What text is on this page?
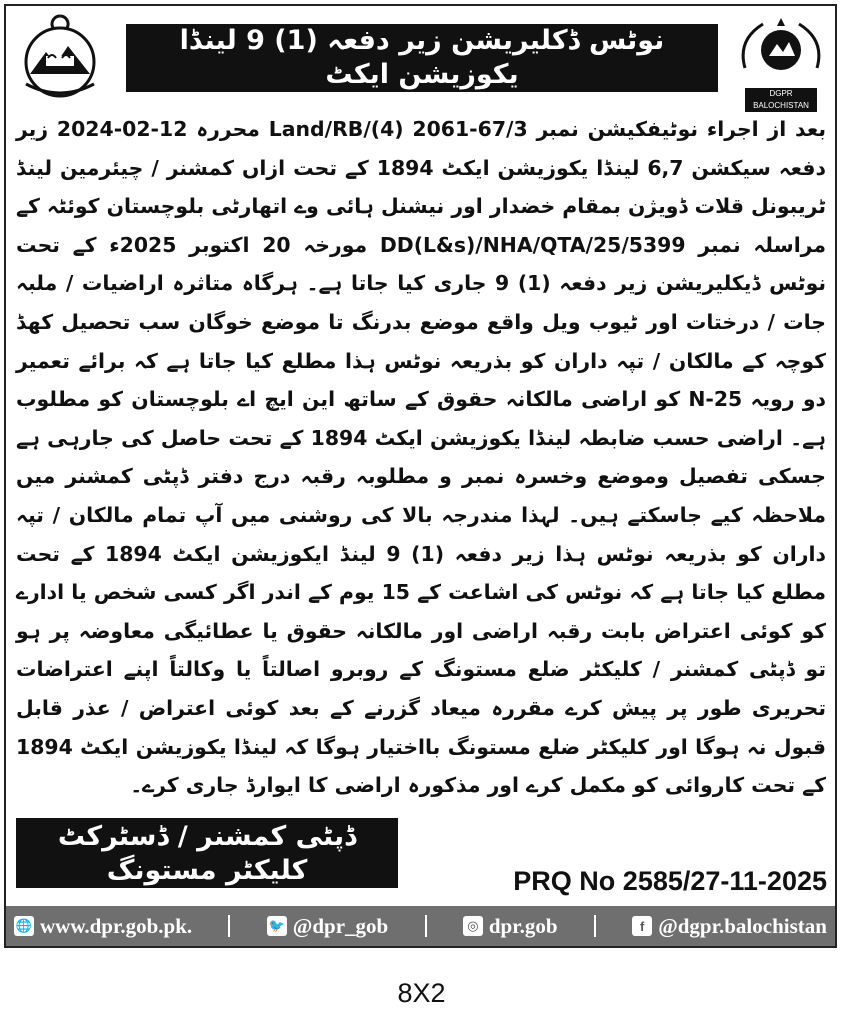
نوٹس ڈکلیریشن زیر دفعہ (1) 9 لینڈا یکوزیشن ایکٹ
1894	DGPR BALOCHISTAN

بعد از اجراء نوٹیفکیشن نمبر Land/RB/(4) 2061-67/3 محررہ 12-02-2024 زیر دفعہ سیکشن 6,7 لینڈا یکوزیشن ایکٹ 1894 کے تحت ازاں کمشنر / چیئرمین لینڈ ٹریبونل قلات ڈویژن بمقام خضدار اور نیشنل ہائی وے اتھارٹی بلوچستان کوئٹہ کے مراسلہ نمبر DD(L&s)/NHA/QTA/25/5399 مورخہ 20 اکتوبر 2025ء کے تحت نوٹس ڈیکلیریشن زیر دفعہ (1) 9 جاری کیا جاتا ہے۔ ہرگاہ متاثرہ اراضیات / ملبہ جات / درختات اور ٹیوب ویل واقع موضع بدرنگ تا موضع خوگان سب تحصیل کھڈ کوچہ کے مالکان / تپہ داران کو بذریعہ نوٹس ہذا مطلع کیا جاتا ہے کہ برائے تعمیر دو رویہ N-25 کو اراضی مالکانہ حقوق کے ساتھ این ایچ اے بلوچستان کو مطلوب ہے۔ اراضی حسب ضابطہ لینڈا یکوزیشن ایکٹ 1894 کے تحت حاصل کی جارہی ہے جسکی تفصیل وموضع وخسرہ نمبر و مطلوبہ رقبہ درج دفتر ڈپٹی کمشنر میں ملاحظہ کیے جاسکتے ہیں۔ لہذا مندرجہ بالا کی روشنی میں آپ تمام مالکان / تپہ داران کو بذریعہ نوٹس ہذا زیر دفعہ (1) 9 لینڈ ایکوزیشن ایکٹ 1894 کے تحت مطلع کیا جاتا ہے کہ نوٹس کی اشاعت کے 15 یوم کے اندر اگر کسی شخص یا ادارے کو کوئی اعتراض بابت رقبہ اراضی اور مالکانہ حقوق یا عطائیگی معاوضہ پر ہو تو ڈپٹی کمشنر / کلیکٹر ضلع مستونگ کے روبرو اصالتاً یا وکالتاً اپنے اعتراضات تحریری طور پر پیش کرے مقررہ میعاد گزرنے کے بعد کوئی اعتراض / عذر قابل قبول نہ ہوگا اور کلیکٹر ضلع مستونگ بااختیار ہوگا کہ لینڈا یکوزیشن ایکٹ 1894 کے تحت کاروائی کو مکمل کرے اور مذکورہ اراضی کا ایوارڈ جاری کرے۔

ڈپٹی کمشنر / ڈسٹرکٹ
کلیکٹر مستونگ	PRQ No 2585/27-11-2025
🌐 www.dpr.gob.pk.	🐦 @dpr_gob	◎ dpr.gob	f @dgpr.balochistan
8X2
